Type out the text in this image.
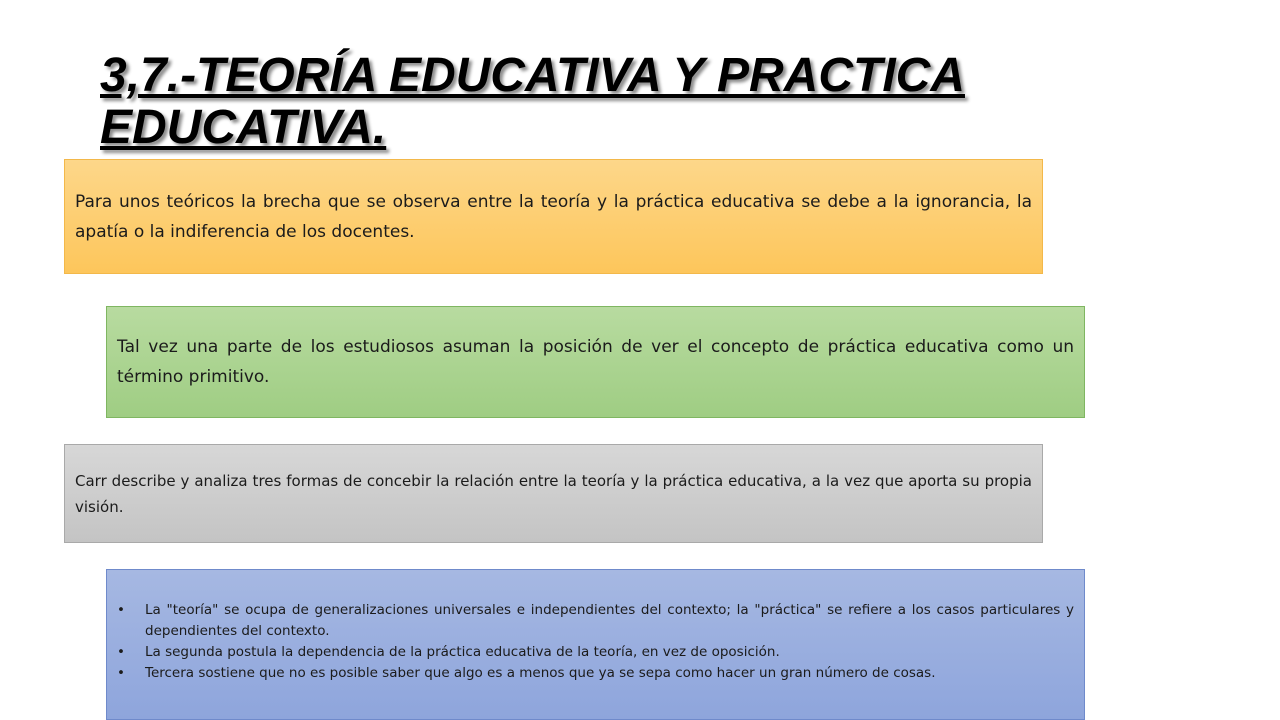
3,7.-TEORÍA EDUCATIVA Y PRACTICA
EDUCATIVA.

Para unos teóricos la brecha que se observa entre la teoría y la práctica educativa se debe a la ignorancia, la apatía o la indiferencia de los docentes.

Tal vez una parte de los estudiosos asuman la posición de ver el concepto de práctica educativa como un término primitivo.

Carr describe y analiza tres formas de concebir la relación entre la teoría y la práctica educativa, a la vez que aporta su propia visión.

• La "teoría" se ocupa de generalizaciones universales e independientes del contexto; la "práctica" se refiere a los casos particulares y dependientes del contexto.
• La segunda postula la dependencia de la práctica educativa de la teoría, en vez de oposición.
• Tercera sostiene que no es posible saber que algo es a menos que ya se sepa como hacer un gran número de cosas.
